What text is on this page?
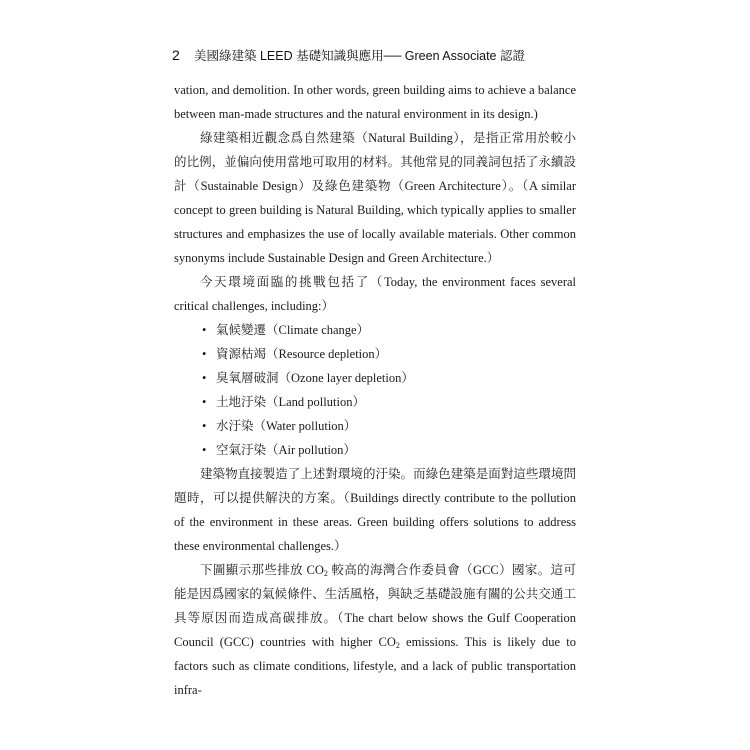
2 美國綠建築 LEED 基礎知識與應用── Green Associate 認證

vation, and demolition. In other words, green building aims to achieve a balance between man-made structures and the natural environment in its design.)

綠建築相近觀念爲自然建築（Natural Building），是指正常用於較小的比例，並偏向使用當地可取用的材料。其他常見的同義詞包括了永續設計（Sustainable Design）及綠色建築物（Green Architecture）。（A similar concept to green building is Natural Building, which typically applies to smaller structures and emphasizes the use of locally available materials. Other common synonyms include Sustainable Design and Green Architecture.）

今天環境面臨的挑戰包括了（Today, the environment faces several critical challenges, including:）

• 氣候變遷（Climate change）
• 資源枯竭（Resource depletion）
• 臭氧層破洞（Ozone layer depletion）
• 土地汙染（Land pollution）
• 水汙染（Water pollution）
• 空氣汙染（Air pollution）

建築物直接製造了上述對環境的汙染。而綠色建築是面對這些環境問題時，可以提供解決的方案。（Buildings directly contribute to the pollution of the environment in these areas. Green building offers solutions to address these environmental challenges.）

下圖顯示那些排放 $CO_2$ 較高的海灣合作委員會（GCC）國家。這可能是因爲國家的氣候條件、生活風格，與缺乏基礎設施有關的公共交通工具等原因而造成高碳排放。（The chart below shows the Gulf Cooperation Council (GCC) countries with higher $CO_2$ emissions. This is likely due to factors such as climate conditions, lifestyle, and a lack of public transportation infra-
